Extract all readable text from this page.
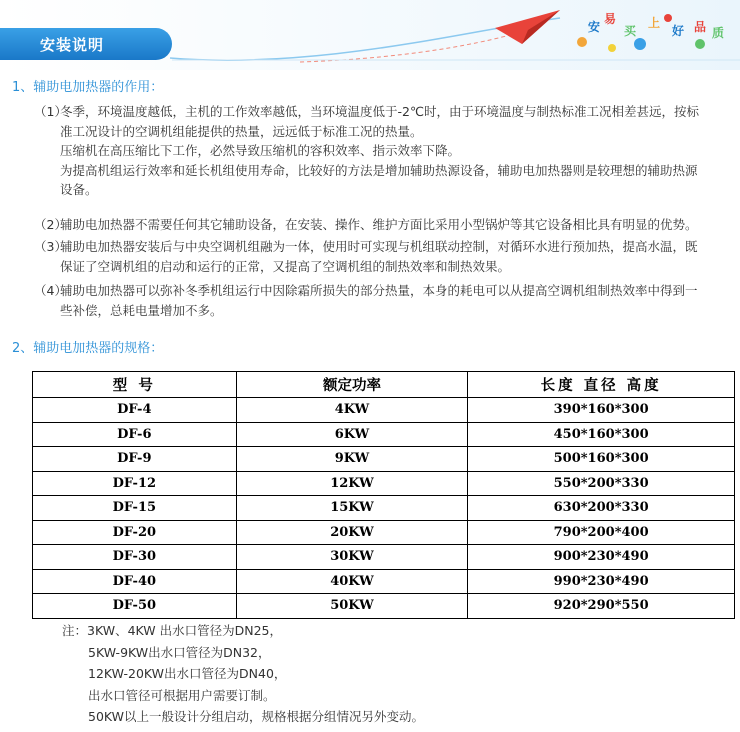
安装说明
安
易
买
上
好 品 质
1、辅助电加热器的作用：
（1）冬季，环境温度越低，主机的工作效率越低，当环境温度低于-2℃时，由于环境温度与制热标准工况相差甚远，按标
准工况设计的空调机组能提供的热量，远远低于标准工况的热量。
压缩机在高压缩比下工作，必然导致压缩机的容积效率、指示效率下降。
为提高机组运行效率和延长机组使用寿命，比较好的方法是增加辅助热源设备，辅助电加热器则是较理想的辅助热源
设备。
（2）辅助电加热器不需要任何其它辅助设备，在安装、操作、维护方面比采用小型锅炉等其它设备相比具有明显的优势。
（3）辅助电加热器安装后与中央空调机组融为一体，使用时可实现与机组联动控制，对循环水进行预加热，提高水温，既
保证了空调机组的启动和运行的正常，又提高了空调机组的制热效率和制热效果。
（4）辅助电加热器可以弥补冬季机组运行中因除霜所损失的部分热量，本身的耗电可以从提高空调机组制热效率中得到一
些补偿，总耗电量增加不多。
2、辅助电加热器的规格：
型 号	额定功率	长度 直径 高度
DF-4	4KW	390*160*300
DF-6	6KW	450*160*300
DF-9	9KW	500*160*300
DF-12	12KW	550*200*330
DF-15	15KW	630*200*330
DF-20	20KW	790*200*400
DF-30	30KW	900*230*490
DF-40	40KW	990*230*490
DF-50	50KW	920*290*550
注：3KW、4KW 出水口管径为DN25，
5KW-9KW出水口管径为DN32，
12KW-20KW出水口管径为DN40，
出水口管径可根据用户需要订制。
50KW以上一般设计分组启动，规格根据分组情况另外变动。
